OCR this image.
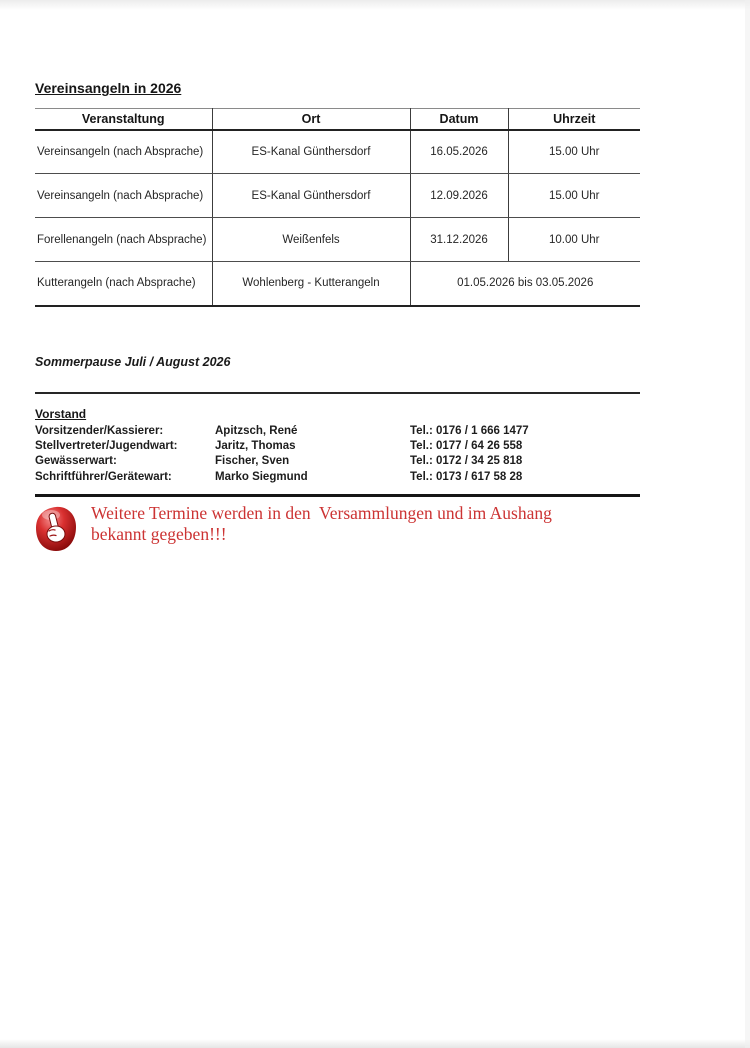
Vereinsangeln in 2026
Veranstaltung	Ort	Datum	Uhrzeit
Vereinsangeln (nach Absprache)	ES-Kanal Günthersdorf	16.05.2026	15.00 Uhr
Vereinsangeln (nach Absprache)	ES-Kanal Günthersdorf	12.09.2026	15.00 Uhr
Forellenangeln (nach Absprache)	Weißenfels	31.12.2026	10.00 Uhr
Kutterangeln (nach Absprache)	Wohlenberg - Kutterangeln	01.05.2026 bis 03.05.2026	
Sommerpause Juli / August 2026
Vorstand
Vorsitzender/Kassierer:	Apitzsch, René	Tel.: 0176 / 1 666 1477
Stellvertreter/Jugendwart:	Jaritz, Thomas	Tel.: 0177 / 64 26 558
Gewässerwart:	Fischer, Sven	Tel.: 0172 / 34 25 818
Schriftführer/Gerätewart:	Marko Siegmund	Tel.: 0173 / 617 58 28
Weitere Termine werden in den  Versammlungen und im Aushang bekannt gegeben!!!
